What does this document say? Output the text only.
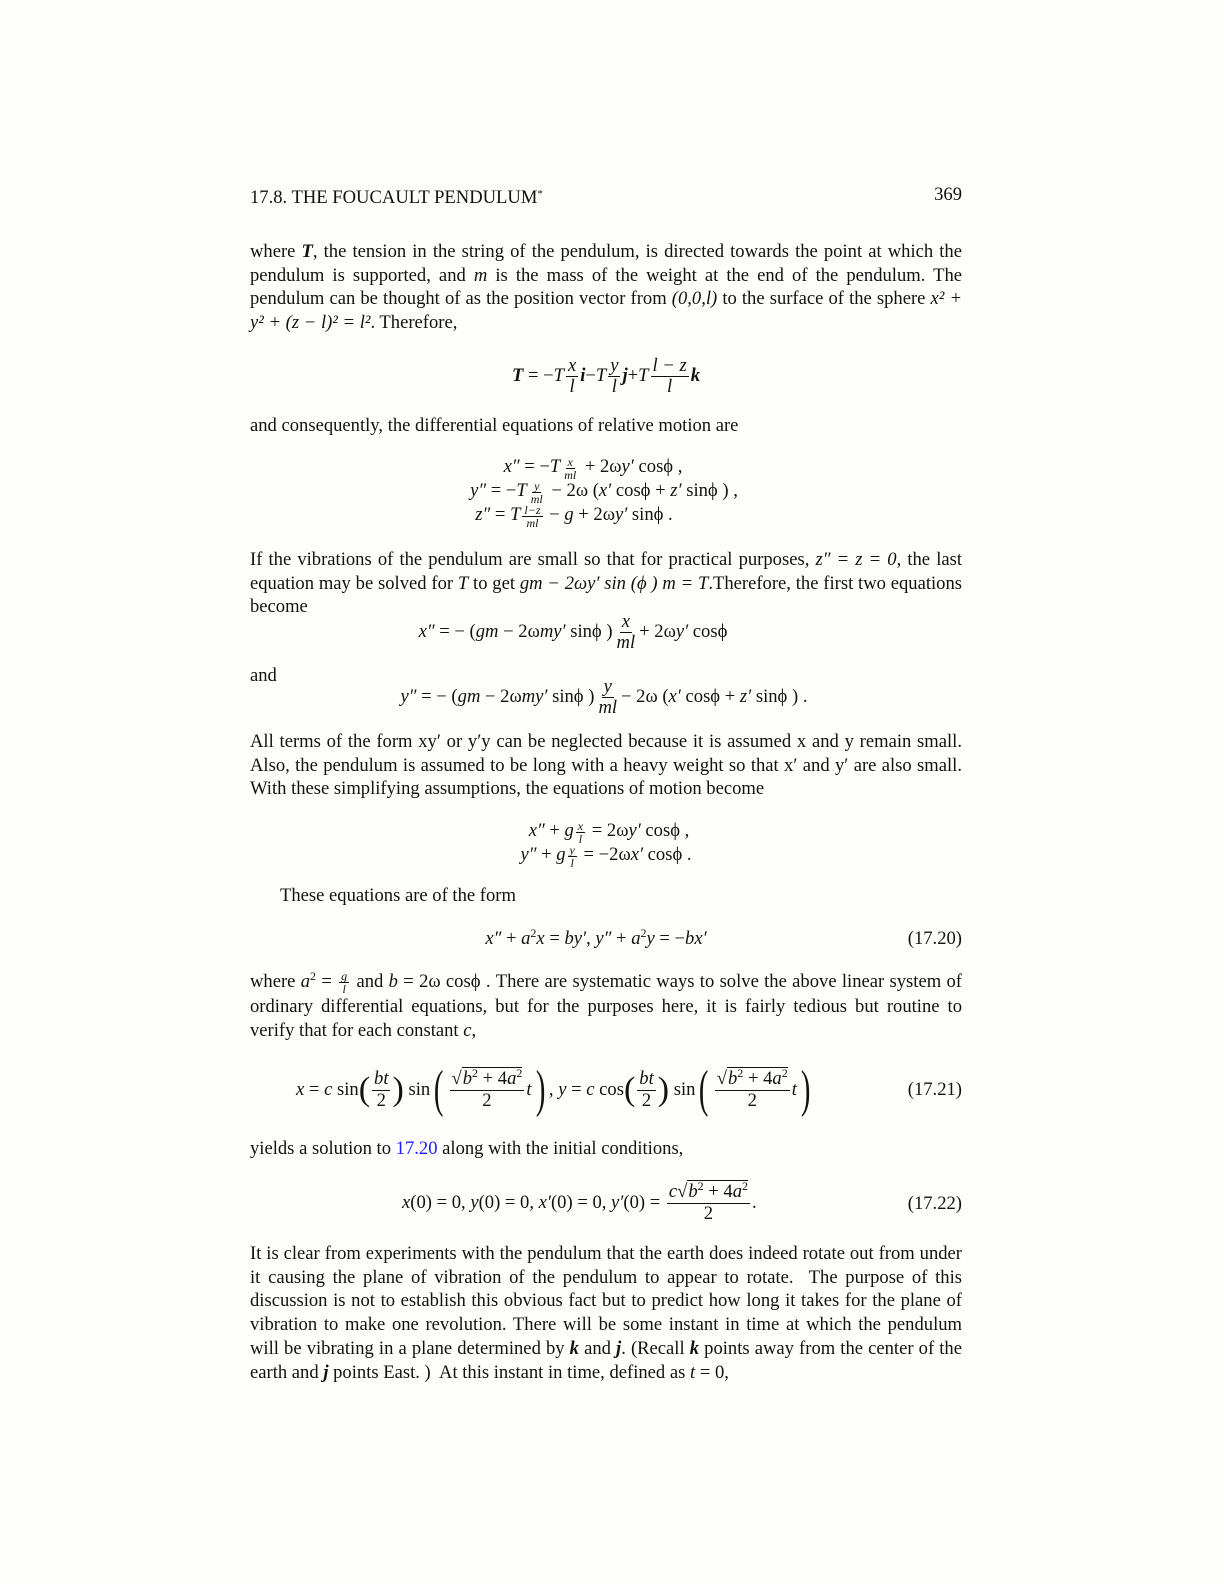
17.8. THE FOUCAULT PENDULUM*	369
where T, the tension in the string of the pendulum, is directed towards the point at which the pendulum is supported, and m is the mass of the weight at the end of the pendulum. The pendulum can be thought of as the position vector from (0,0,l) to the surface of the sphere x² + y² + (z − l)² = l². Therefore,
$T = -T \frac{x}{l} i-T \frac{y}{l} j+T \frac{l - z}{l}$ k
and consequently, the differential equations of relative motion are
$x'' = -T \frac{x}{ml} + 2\omega y'$ cosϕ ,
$y'' = -T \frac{y}{ml} - 2\omega$ (x′ cosϕ + z′ sinϕ ) ,
z″ = T $\frac{l-z}{ml} - g + 2\omega y'$ sinϕ .
If the vibrations of the pendulum are small so that for practical purposes, z″ = z = 0, the last equation may be solved for T to get gm − 2ωy′ sin (ϕ ) m = T.Therefore, the first two equations become
x″ = − (gm − 2ωmy′ sinϕ ) $\frac{x}{ml} + 2\omega y'$ cosϕ
and
y″ = − (gm − 2ωmy′ sinϕ ) $\frac{y}{ml} - 2\omega$ (x′ cosϕ + z′ sinϕ ) .
All terms of the form xy′ or y′y can be neglected because it is assumed x and y remain small. Also, the pendulum is assumed to be long with a heavy weight so that x′ and y′ are also small. With these simplifying assumptions, the equations of motion become
x″ + g $\frac{x}{l} = 2\omega y'$ cosϕ ,
y″ + g $\frac{y}{l} = -2\omega x'$ cosϕ .
These equations are of the form
$x'' + a^2x = by'$, $y'' + a^2y = -bx'$	(17.20)
where $a^2 = \frac{g}{l}$ and b = 2ω cosϕ . There are systematic ways to solve the above linear system of ordinary differential equations, but for the purposes here, it is fairly tedious but routine to verify that for each constant c,
x = c sin ( $\frac{bt}{2}$ ) sin ( $\frac{√b^2 + 4a^2}{2}$ t ) , y = c cos ( $\frac{bt}{2}$ ) sin ( $\frac{√b^2 + 4a^2}{2}$ t )	(17.21)
yields a solution to 17.20 along with the initial conditions,
x (0) = 0, y (0) = 0, x′ (0) = 0, y′ $(0) = \frac{c√b^2 + 4a^2}{2}$ .	(17.22)
It is clear from experiments with the pendulum that the earth does indeed rotate out from under it causing the plane of vibration of the pendulum to appear to rotate.  The purpose of this discussion is not to establish this obvious fact but to predict how long it takes for the plane of vibration to make one revolution. There will be some instant in time at which the pendulum will be vibrating in a plane determined by k and j. (Recall k points away from the center of the earth and j points East. )  At this instant in time, defined as t = 0,
